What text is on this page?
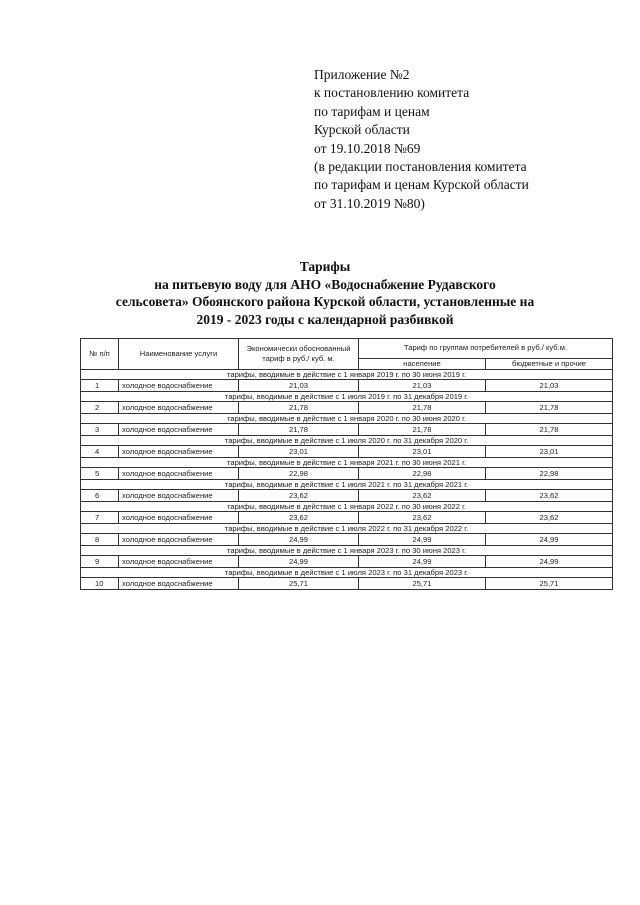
Приложение №2
к постановлению комитета
по тарифам и ценам
Курской области
от 19.10.2018 №69
(в редакции постановления комитета
по тарифам и ценам Курской области
от 31.10.2019 №80)
Тарифы
на питьевую воду для АНО «Водоснабжение Рудавского
сельсовета» Обоянского района Курской области, установленные на
2019 - 2023 годы с календарной разбивкой
№ п/п	Наименование услуги	Экономически обоснованный тариф в руб./ куб. м.	Тариф по группам потребителей в руб./ куб.м.	
			население	бюджетные и прочие
тарифы, вводимые в действие с 1 января 2019 г. по 30 июня 2019 г.				
1	холодное водоснабжение	21,03	21,03	21,03
тарифы, вводимые в действие с 1 июля 2019 г. по 31 декабря 2019 г.				
2	холодное водоснабжение	21,78	21,78	21,78
тарифы, вводимые в действие с 1 января 2020 г. по 30 июня 2020 г.				
3	холодное водоснабжение	21,78	21,78	21,78
тарифы, вводимые в действие с 1 июля 2020 г. по 31 декабря 2020 г.				
4	холодное водоснабжение	23,01	23,01	23,01
тарифы, вводимые в действие с 1 января 2021 г. по 30 июня 2021 г.				
5	холодное водоснабжение	22,98	22,98	22,98
тарифы, вводимые в действие с 1 июля 2021 г. по 31 декабря 2021 г.				
6	холодное водоснабжение	23,62	23,62	23,62
тарифы, вводимые в действие с 1 января 2022 г. по 30 июня 2022 г.				
7	холодное водоснабжение	23,62	23,62	23,62
тарифы, вводимые в действие с 1 июля 2022 г. по 31 декабря 2022 г.				
8	холодное водоснабжение	24,99	24,99	24,99
тарифы, вводимые в действие с 1 января 2023 г. по 30 июня 2023 г.				
9	холодное водоснабжение	24,99	24,99	24,99
тарифы, вводимые в действие с 1 июля 2023 г. по 31 декабря 2023 г.				
10	холодное водоснабжение	25,71	25,71	25,71
